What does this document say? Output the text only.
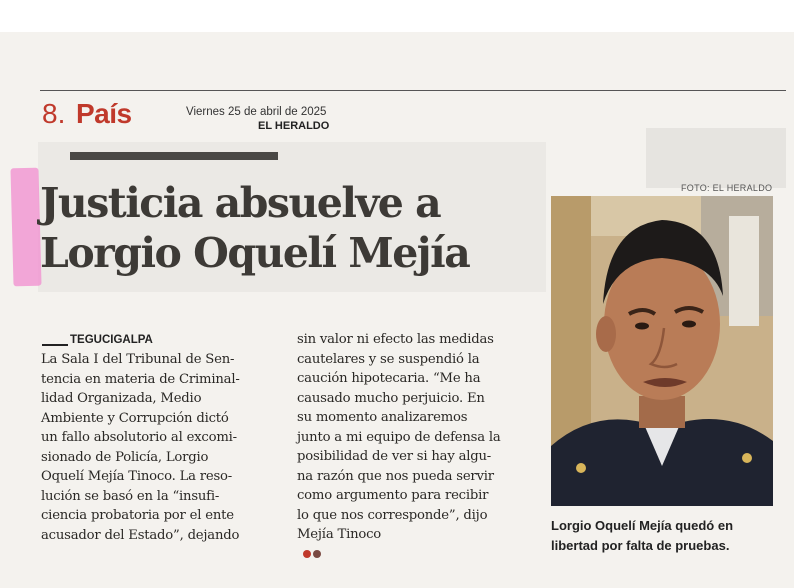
8. País	Viernes 25 de abril de 2025
EL HERALDO
Justicia absuelve a
Lorgio Oquelí Mejía
FOTO: EL HERALDO
Lorgio Oquelí Mejía quedó en
libertad por falta de pruebas.
TEGUCIGALPA
La Sala I del Tribunal de Sen-
tencia en materia de Criminal-
lidad Organizada, Medio
Ambiente y Corrupción dictó
un fallo absolutorio al excomi-
sionado de Policía, Lorgio
Oquelí Mejía Tinoco. La reso-
lución se basó en la “insufi-
ciencia probatoria por el ente
acusador del Estado”, dejando
sin valor ni efecto las medidas
cautelares y se suspendió la
caución hipotecaria. “Me ha
causado mucho perjuicio. En
su momento analizaremos
junto a mi equipo de defensa la
posibilidad de ver si hay algu-
na razón que nos pueda servir
como argumento para recibir
lo que nos corresponde”, dijo
Mejía Tinoco
